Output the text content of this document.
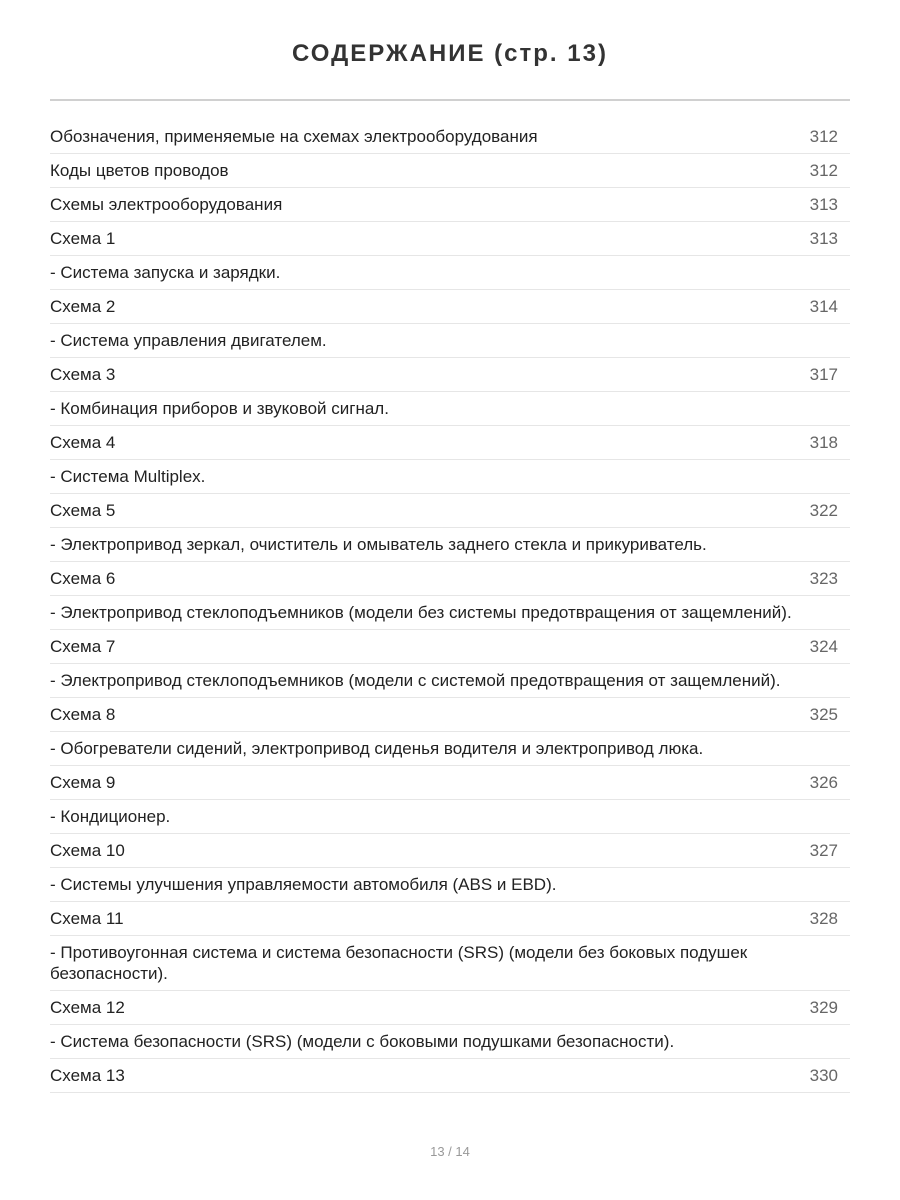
СОДЕРЖАНИЕ (стр. 13)
Обозначения, применяемые на схемах электрооборудования	312
Коды цветов проводов	312
Схемы электрооборудования	313
Схема 1	313
- Система запуска и зарядки.
Схема 2	314
- Система управления двигателем.
Схема 3	317
- Комбинация приборов и звуковой сигнал.
Схема 4	318
- Система Multiplex.
Схема 5	322
- Электропривод зеркал, очиститель и омыватель заднего стекла и прикуриватель.
Схема 6	323
- Электропривод стеклоподъемников (модели без системы предотвращения от защемлений).
Схема 7	324
- Электропривод стеклоподъемников (модели с системой предотвращения от защемлений).
Схема 8	325
- Обогреватели сидений, электропривод сиденья водителя и электропривод люка.
Схема 9	326
- Кондиционер.
Схема 10	327
- Системы улучшения управляемости автомобиля (ABS и EBD).
Схема 11	328
- Противоугонная система и система безопасности (SRS) (модели без боковых подушек безопасности).
Схема 12	329
- Система безопасности (SRS) (модели с боковыми подушками безопасности).
Схема 13	330
13 / 14
